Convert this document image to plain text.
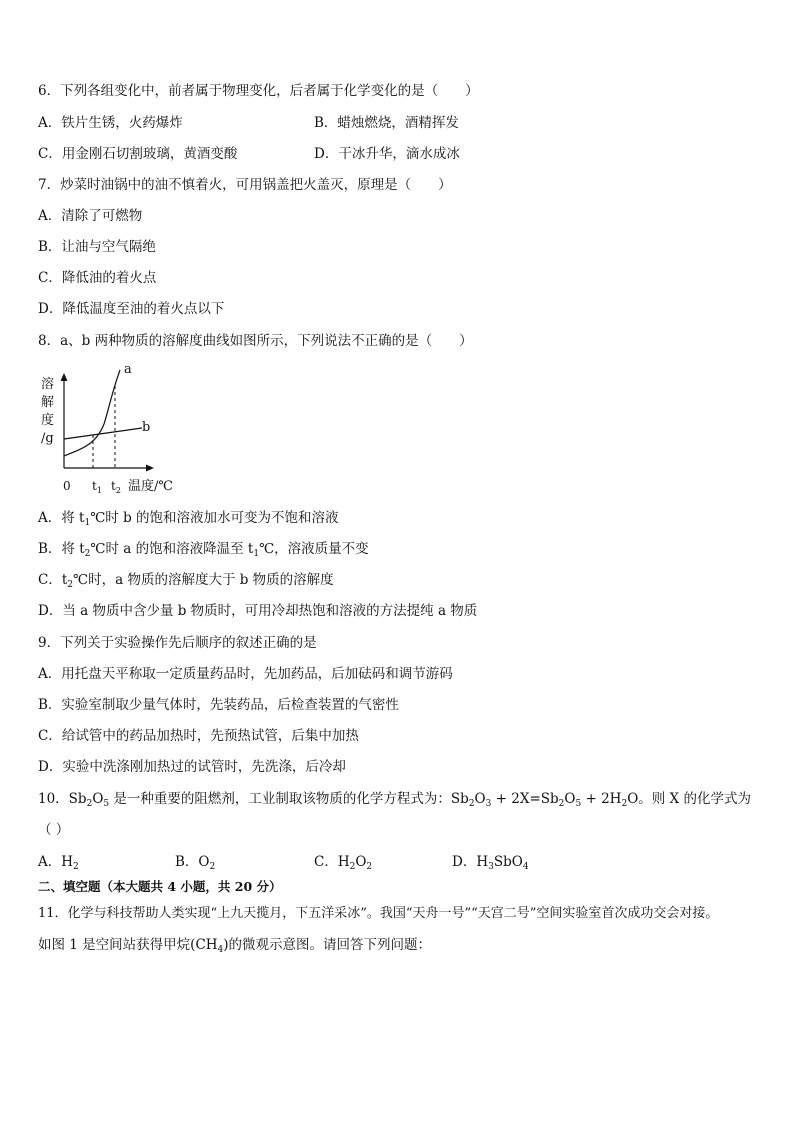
6．下列各组变化中，前者属于物理变化，后者属于化学变化的是（　　）
A．铁片生锈，火药爆炸	B．蜡烛燃烧，酒精挥发
C．用金刚石切割玻璃，黄酒变酸	D．干冰升华，滴水成冰
7．炒菜时油锅中的油不慎着火，可用锅盖把火盖灭，原理是（　　）
A．清除了可燃物
B．让油与空气隔绝
C．降低油的着火点
D．降低温度至油的着火点以下
8．a、b 两种物质的溶解度曲线如图所示，下列说法不正确的是（　　）
溶
解
度
/g
a
b
0 $t_1$ $t_2$ 温度/℃
A．将 $t_1℃$时 b 的饱和溶液加水可变为不饱和溶液
B．将 $t_2℃$时 a 的饱和溶液降温至 $t_1℃$，溶液质量不变
C．$t_2℃$时，a 物质的溶解度大于 b 物质的溶解度
D．当 a 物质中含少量 b 物质时，可用冷却热饱和溶液的方法提纯 a 物质
9．下列关于实验操作先后顺序的叙述正确的是
A．用托盘天平称取一定质量药品时，先加药品，后加砝码和调节游码
B．实验室制取少量气体时，先装药品，后检查装置的气密性
C．给试管中的药品加热时，先预热试管，后集中加热
D．实验中洗涤刚加热过的试管时，先洗涤，后冷却
10．$Sb_2O_5$ 是一种重要的阻燃剂，工业制取该物质的化学方程式为：$Sb_2O_3 + 2X=Sb_2O_5 + 2H_2O$。则 X 的化学式为
（ ）
A．$H_2$	B．$O_2$	C．$H_2O_2$	D．$H_3SbO_4$
二、填空题（本大题共 4 小题，共 20 分）
11．化学与科技帮助人类实现“上九天揽月，下五洋采冰”。我国“天舟一号”“天宫二号”空间实验室首次成功交会对接。
如图 1 是空间站获得甲烷$(CH_4)$的微观示意图。请回答下列问题：
